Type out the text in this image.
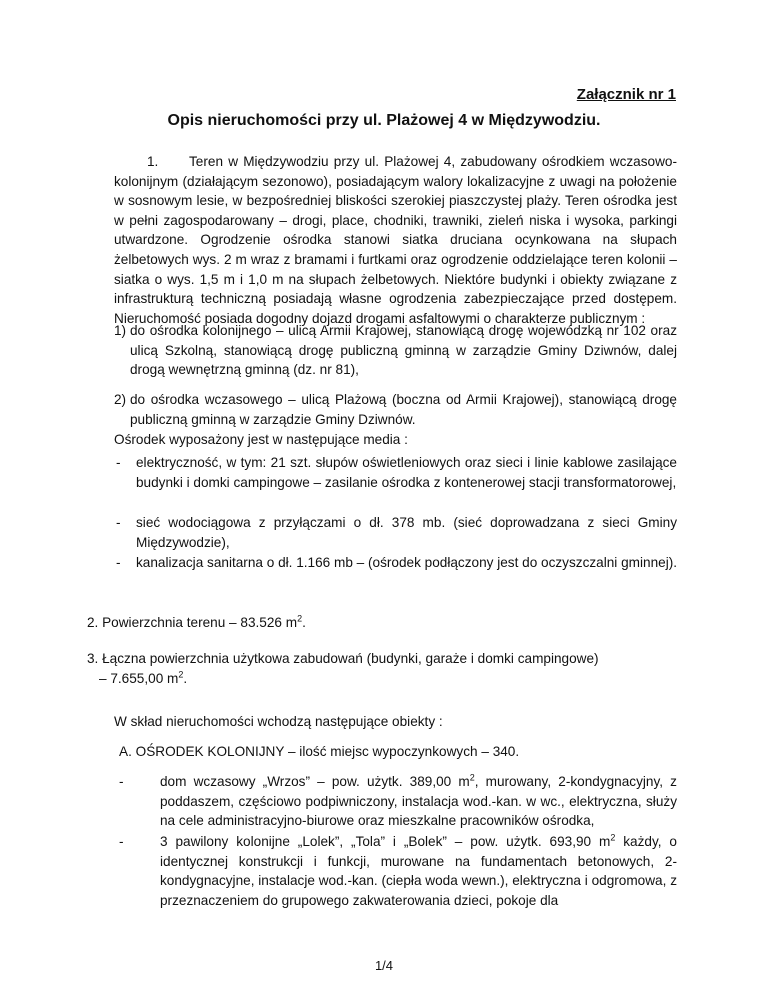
Załącznik nr 1
Opis nieruchomości przy ul. Plażowej 4 w Międzywodziu.
1. Teren w Międzywodziu przy ul. Plażowej 4, zabudowany ośrodkiem wczasowo- kolonijnym (działającym sezonowo), posiadającym walory lokalizacyjne z uwagi na położenie w sosnowym lesie, w bezpośredniej bliskości szerokiej piaszczystej plaży. Teren ośrodka jest w pełni zagospodarowany – drogi, place, chodniki, trawniki, zieleń niska i wysoka, parkingi utwardzone. Ogrodzenie ośrodka stanowi siatka druciana ocynkowana na słupach żelbetowych wys. 2 m wraz z bramami i furtkami oraz ogrodzenie oddzielające teren kolonii – siatka o wys. 1,5 m i 1,0 m na słupach żelbetowych. Niektóre budynki i obiekty związane z infrastrukturą techniczną posiadają własne ogrodzenia zabezpieczające przed dostępem. Nieruchomość posiada dogodny dojazd drogami asfaltowymi o charakterze publicznym :
1) do ośrodka kolonijnego – ulicą Armii Krajowej, stanowiącą drogę wojewódzką nr 102 oraz ulicą Szkolną, stanowiącą drogę publiczną gminną w zarządzie Gminy Dziwnów, dalej drogą wewnętrzną gminną (dz. nr 81),
2) do ośrodka wczasowego – ulicą Plażową (boczna od Armii Krajowej), stanowiącą drogę publiczną gminną w zarządzie Gminy Dziwnów.
Ośrodek wyposażony jest w następujące media :
- elektryczność, w tym: 21 szt. słupów oświetleniowych oraz sieci i linie kablowe zasilające budynki i domki campingowe – zasilanie ośrodka z kontenerowej stacji transformatorowej,
- sieć wodociągowa z przyłączami o dł. 378 mb. (sieć doprowadzana z sieci Gminy Międzywodzie),
- kanalizacja sanitarna o dł. 1.166 mb – (ośrodek podłączony jest do oczyszczalni gminnej).
2. Powierzchnia terenu – 83.526 $m^2$.
3. Łączna powierzchnia użytkowa zabudowań (budynki, garaże i domki campingowe)
– 7.655,00 $m^2$.
W skład nieruchomości wchodzą następujące obiekty :
A. OŚRODEK KOLONIJNY – ilość miejsc wypoczynkowych – 340.
-	dom wczasowy „Wrzos” – pow. użytk. 389,00 $m^2$, murowany, 2-kondygnacyjny, z poddaszem, częściowo podpiwniczony, instalacja wod.-kan. w wc., elektryczna, służy na cele administracyjno-biurowe oraz mieszkalne pracowników ośrodka,
-	3 pawilony kolonijne „Lolek”, „Tola” i „Bolek” – pow. użytk. 693,90 $m^2$ każdy, o identycznej konstrukcji i funkcji, murowane na fundamentach betonowych, 2-kondygnacyjne, instalacje wod.-kan. (ciepła woda wewn.), elektryczna i odgromowa, z przeznaczeniem do grupowego zakwaterowania dzieci, pokoje dla
1/4
